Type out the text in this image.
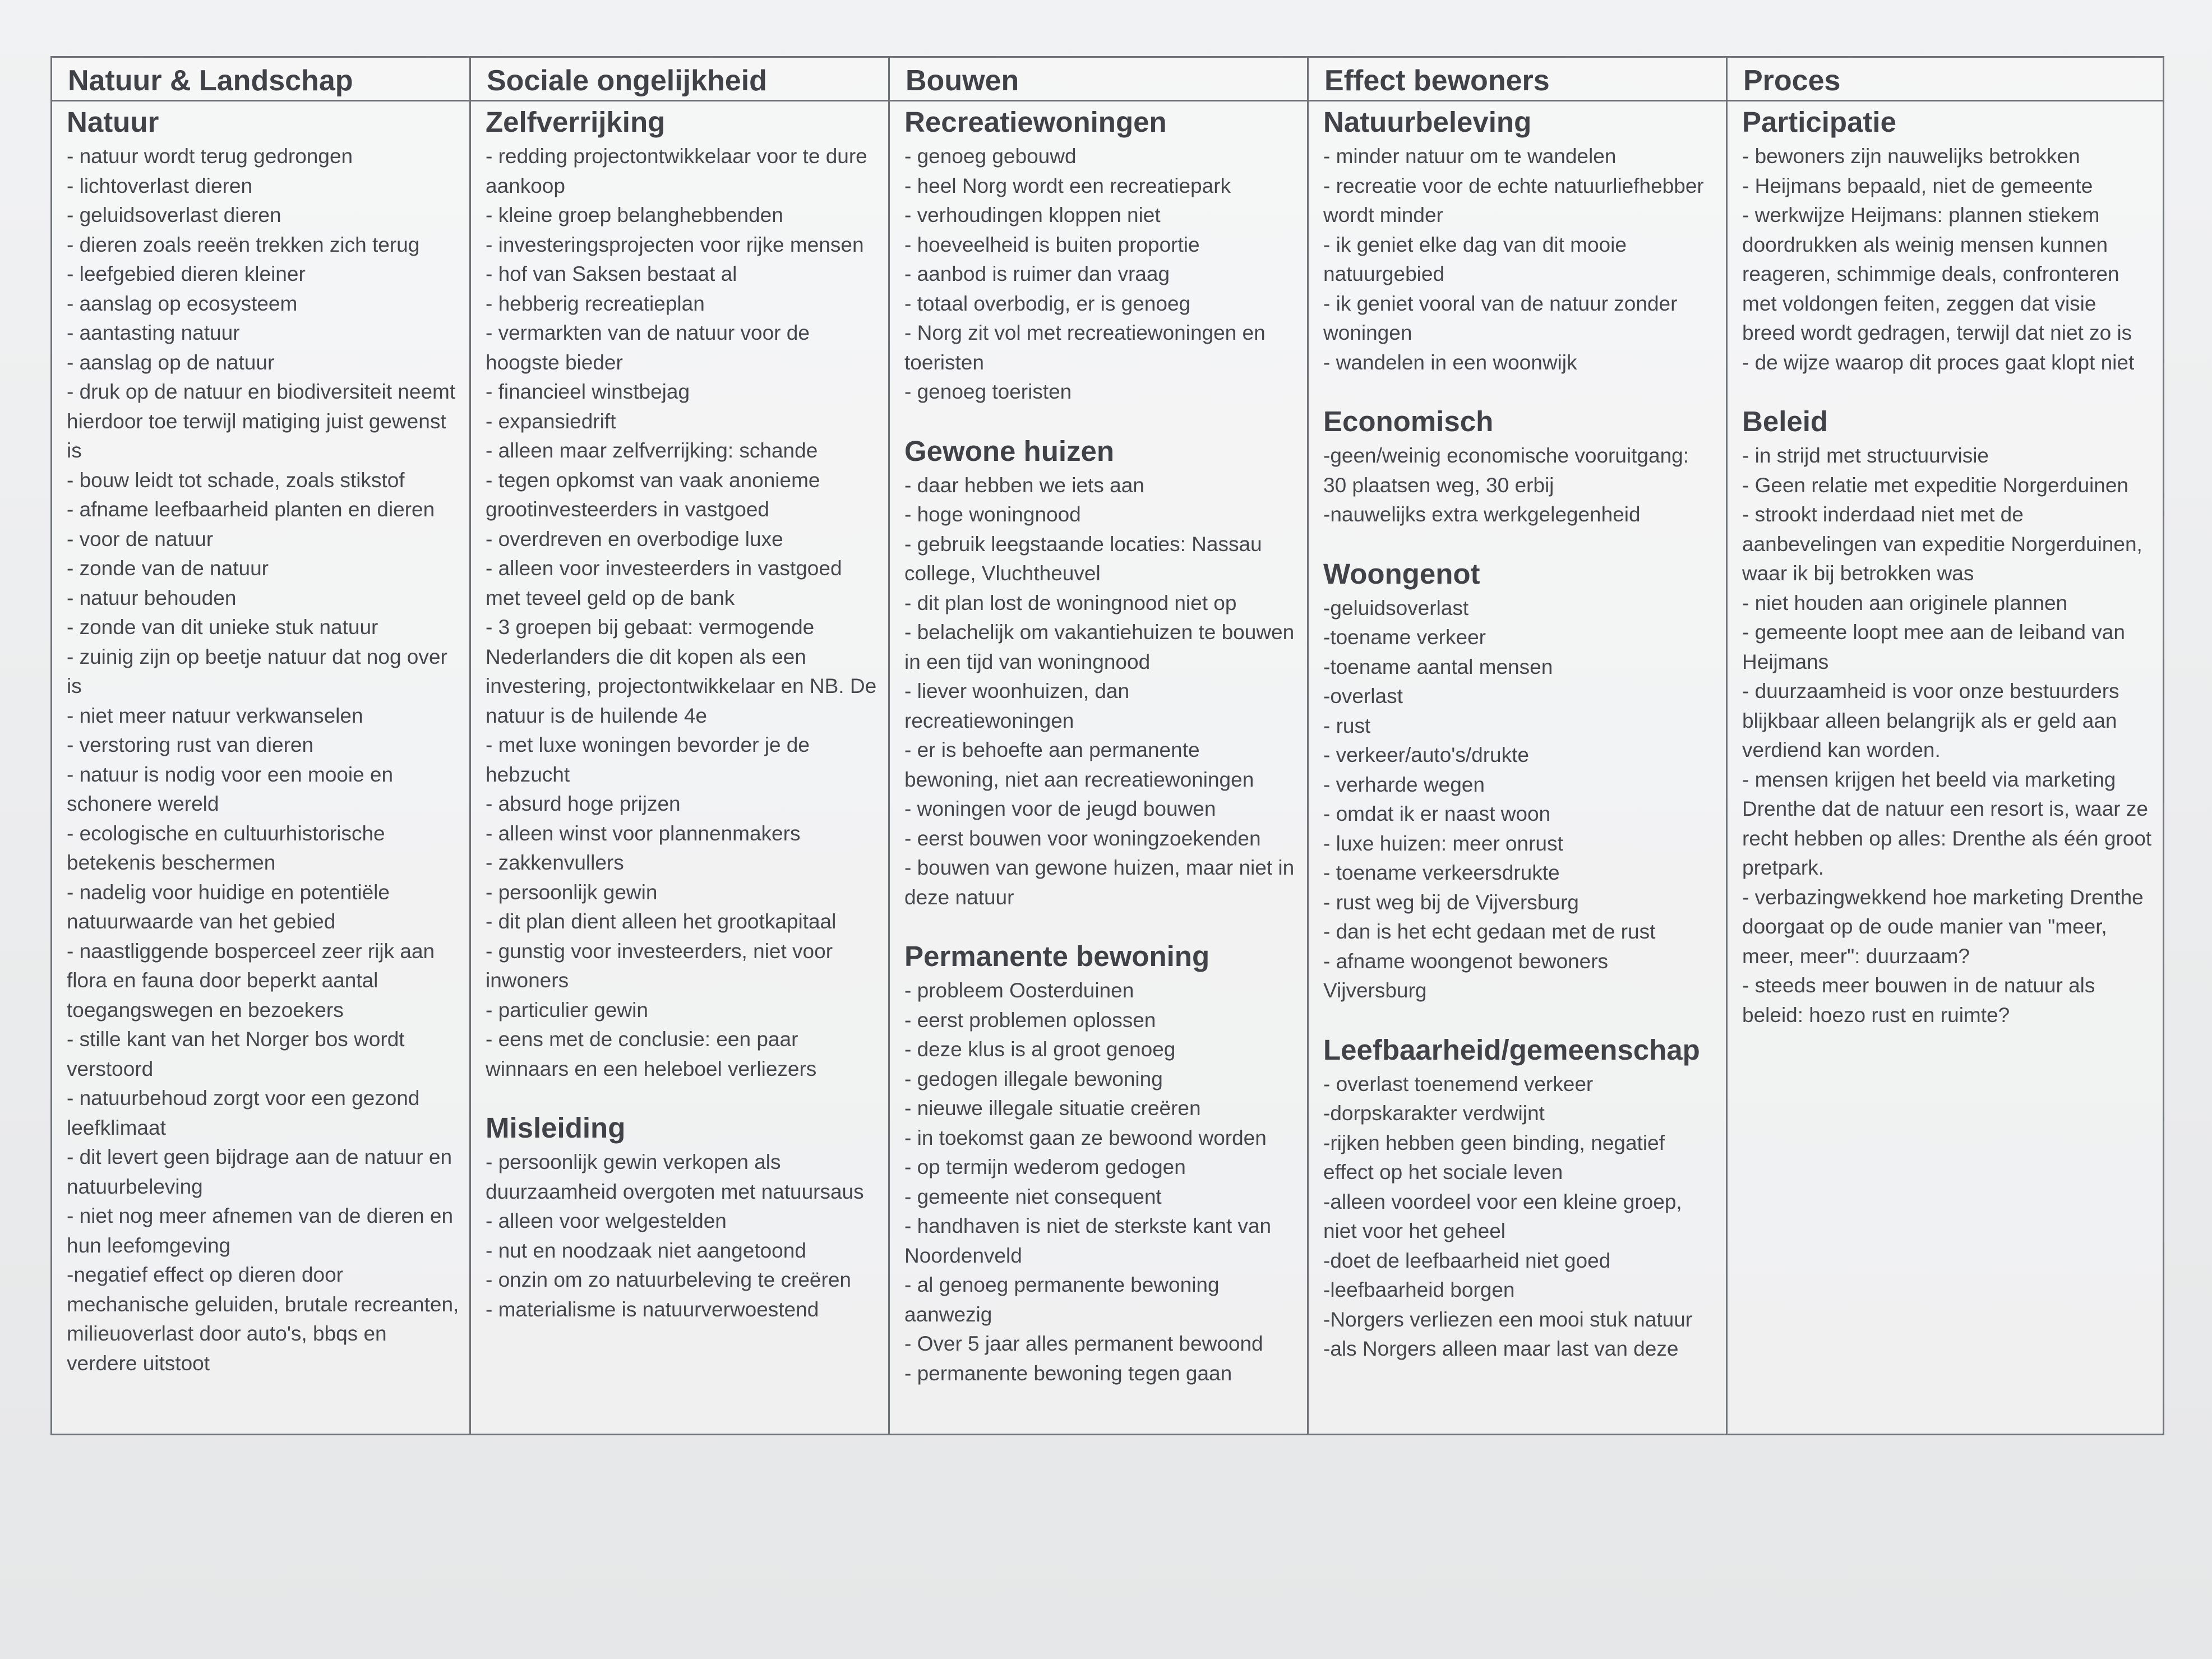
Natuur & Landschap
Natuur
- natuur wordt terug gedrongen
- lichtoverlast dieren
- geluidsoverlast dieren
- dieren zoals reeën trekken zich terug
- leefgebied dieren kleiner
- aanslag op ecosysteem
- aantasting natuur
- aanslag op de natuur
- druk op de natuur en biodiversiteit neemt hierdoor toe terwijl matiging juist gewenst is
- bouw leidt tot schade, zoals stikstof
- afname leefbaarheid planten en dieren
- voor de natuur
- zonde van de natuur
- natuur behouden
- zonde van dit unieke stuk natuur
- zuinig zijn op beetje natuur dat nog over is
- niet meer natuur verkwanselen
- verstoring rust van dieren
- natuur is nodig voor een mooie en schonere wereld
- ecologische en cultuurhistorische betekenis beschermen
- nadelig voor huidige en potentiële natuurwaarde van het gebied
- naastliggende bosperceel zeer rijk aan flora en fauna door beperkt aantal toegangswegen en bezoekers
- stille kant van het Norger bos wordt verstoord
- natuurbehoud zorgt voor een gezond leefklimaat
- dit levert geen bijdrage aan de natuur en natuurbeleving
- niet nog meer afnemen van de dieren en hun leefomgeving
-negatief effect op dieren door mechanische geluiden, brutale recreanten, milieuoverlast door auto's, bbqs en verdere uitstoot
Sociale ongelijkheid
Zelfverrijking
- redding projectontwikkelaar voor te dure aankoop
- kleine groep belanghebbenden
- investeringsprojecten voor rijke mensen
- hof van Saksen bestaat al
- hebberig recreatieplan
- vermarkten van de natuur voor de hoogste bieder
- financieel winstbejag
- expansiedrift
- alleen maar zelfverrijking: schande
- tegen opkomst van vaak anonieme grootinvesteerders in vastgoed
- overdreven en overbodige luxe
- alleen voor investeerders in vastgoed met teveel geld op de bank
- 3 groepen bij gebaat: vermogende Nederlanders die dit kopen als een investering, projectontwikkelaar en NB. De natuur is de huilende 4e
- met luxe woningen bevorder je de hebzucht
- absurd hoge prijzen
- alleen winst voor plannenmakers
- zakkenvullers
- persoonlijk gewin
- dit plan dient alleen het grootkapitaal
- gunstig voor investeerders, niet voor inwoners
- particulier gewin
- eens met de conclusie: een paar winnaars en een heleboel verliezers
Misleiding
- persoonlijk gewin verkopen als duurzaamheid overgoten met natuursaus
- alleen voor welgestelden
- nut en noodzaak niet aangetoond
- onzin om zo natuurbeleving te creëren
- materialisme is natuurverwoestend
Bouwen
Recreatiewoningen
- genoeg gebouwd
- heel Norg wordt een recreatiepark
- verhoudingen kloppen niet
- hoeveelheid is buiten proportie
- aanbod is ruimer dan vraag
- totaal overbodig, er is genoeg
- Norg zit vol met recreatiewoningen en toeristen
- genoeg toeristen
Gewone huizen
- daar hebben we iets aan
- hoge woningnood
- gebruik leegstaande locaties: Nassau college, Vluchtheuvel
- dit plan lost de woningnood niet op
- belachelijk om vakantiehuizen te bouwen in een tijd van woningnood
- liever woonhuizen, dan recreatiewoningen
- er is behoefte aan permanente bewoning, niet aan recreatiewoningen
- woningen voor de jeugd bouwen
- eerst bouwen voor woningzoekenden
- bouwen van gewone huizen, maar niet in deze natuur
Permanente bewoning
- probleem Oosterduinen
- eerst problemen oplossen
- deze klus is al groot genoeg
- gedogen illegale bewoning
- nieuwe illegale situatie creëren
- in toekomst gaan ze bewoond worden
- op termijn wederom gedogen
- gemeente niet consequent
- handhaven is niet de sterkste kant van Noordenveld
- al genoeg permanente bewoning aanwezig
- Over 5 jaar alles permanent bewoond
- permanente bewoning tegen gaan
Effect bewoners
Natuurbeleving
- minder natuur om te wandelen
- recreatie voor de echte natuurliefhebber wordt minder
- ik geniet elke dag van dit mooie natuurgebied
- ik geniet vooral van de natuur zonder woningen
- wandelen in een woonwijk
Economisch
-geen/weinig economische vooruitgang: 30 plaatsen weg, 30 erbij
-nauwelijks extra werkgelegenheid
Woongenot
-geluidsoverlast
-toename verkeer
-toename aantal mensen
-overlast
- rust
- verkeer/auto's/drukte
- verharde wegen
- omdat ik er naast woon
- luxe huizen: meer onrust
- toename verkeersdrukte
- rust weg bij de Vijversburg
- dan is het echt gedaan met de rust
- afname woongenot bewoners Vijversburg
Leefbaarheid/gemeenschap
- overlast toenemend verkeer
-dorpskarakter verdwijnt
-rijken hebben geen binding, negatief effect op het sociale leven
-alleen voordeel voor een kleine groep, niet voor het geheel
-doet de leefbaarheid niet goed
-leefbaarheid borgen
-Norgers verliezen een mooi stuk natuur
-als Norgers alleen maar last van deze
Proces
Participatie
- bewoners zijn nauwelijks betrokken
- Heijmans bepaald, niet de gemeente
- werkwijze Heijmans: plannen stiekem doordrukken als weinig mensen kunnen reageren, schimmige deals, confronteren met voldongen feiten, zeggen dat visie breed wordt gedragen, terwijl dat niet zo is
- de wijze waarop dit proces gaat klopt niet
Beleid
- in strijd met structuurvisie
- Geen relatie met expeditie Norgerduinen
- strookt inderdaad niet met de aanbevelingen van expeditie Norgerduinen, waar ik bij betrokken was
- niet houden aan originele plannen
- gemeente loopt mee aan de leiband van Heijmans
- duurzaamheid is voor onze bestuurders blijkbaar alleen belangrijk als er geld aan verdiend kan worden.
- mensen krijgen het beeld via marketing Drenthe dat de natuur een resort is, waar ze recht hebben op alles: Drenthe als één groot pretpark.
- verbazingwekkend hoe marketing Drenthe doorgaat op de oude manier van "meer, meer, meer": duurzaam?
- steeds meer bouwen in de natuur als beleid: hoezo rust en ruimte?
